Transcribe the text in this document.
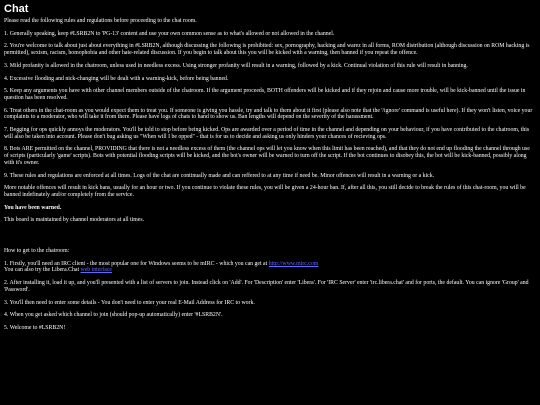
Chat

Please read the following rules and regulations before proceeding to the chat room.

1. Generally speaking, keep #LSRB2N to 'PG-13' content and use your own common sense as to what's allowed or not allowed in the channel.

2. You're welcome to talk about just about everything in #LSRB2N, although discussing the following is prohibited: sex, pornography, hacking and warez in all forms, ROM distribution (although discussion on ROM hacking is permitted), sexism, racism, homophobia and other hate-related discussion. If you begin to talk about this you will be kicked with a warning, then banned if you repeat the offence.

3. Mild profanity is allowed in the chatroom, unless used in needless excess. Using stronger profanity will result in a warning, followed by a kick. Continual violation of this rule will result in banning.

4. Excessive flooding and nick-changing will be dealt with a warning-kick, before being banned.

5. Keep any arguments you have with other channel members outside of the chatroom. If the argument proceeds, BOTH offenders will be kicked and if they rejoin and cause more trouble, will be kick-banned until the issue in question has been resolved.

6. Treat others in the chat-room as you would expect them to treat you. If someone is giving you hassle, try and talk to them about it first (please also note that the '/ignore' command is useful here). If they won't listen, voice your complaints to a moderator, who will take it from there. Please have logs of chats to hand to show us. Ban lengths will depend on the severity of the harassment.

7. Begging for ops quickly annoys the moderators. You'll be told to stop before being kicked. Ops are awarded over a period of time in the channel and depending on your behaviour, if you have contributed to the chatroom, this will also be taken into account. Please don't bug asking us "When will I be opped" - that is for us to decide and asking us only hinders your chances of recieving ops.

8. Bots ARE permitted on the channel, PROVIDING that there is not a needless excess of them (the channel ops will let you know when this limit has been reached), and that they do not end up flooding the channel through use of scripts (particularly 'game' scripts). Bots with potential flooding scripts will be kicked, and the bot's owner will be warned to turn off the script. If the bot continues to disobey this, the bot will be kick-banned, possibly along with it's owner.

9. These rules and regulations are enforced at all times. Logs of the chat are continually made and can reffered to at any time if need be. Minor offences will result in a warning or a kick.

More notable offences will result in kick bans, usually for an hour or two. If you continue to violate these rules, you will be given a 24-hour ban. If, after all this, you still decide to break the rules of this chat-room, you will be banned indefinately and/or completely from the service.

You have been warned.

This board is maintained by channel moderators at all times.

How to get to the chatroom:

1. Firstly, you'll need an IRC client - the most popular one for Windows seems to be mIRC - which you can get at http://www.mirc.com
You can also try the Libera.Chat web interface

2. After installing it, load it up, and you'll presented with a list of servers to join. Instead click on 'Add'. For 'Description' enter 'Libera'. For 'IRC Server' enter 'irc.libera.chat' and for ports, the default. You can ignore 'Group' and 'Password'.

3. You'll then need to enter some details - You don't need to enter your real E-Mail Address for IRC to work.

4. When you get asked which channel to join (should pop-up automatically) enter '#LSRB2N'.

5. Welcome to #LSRB2N!
